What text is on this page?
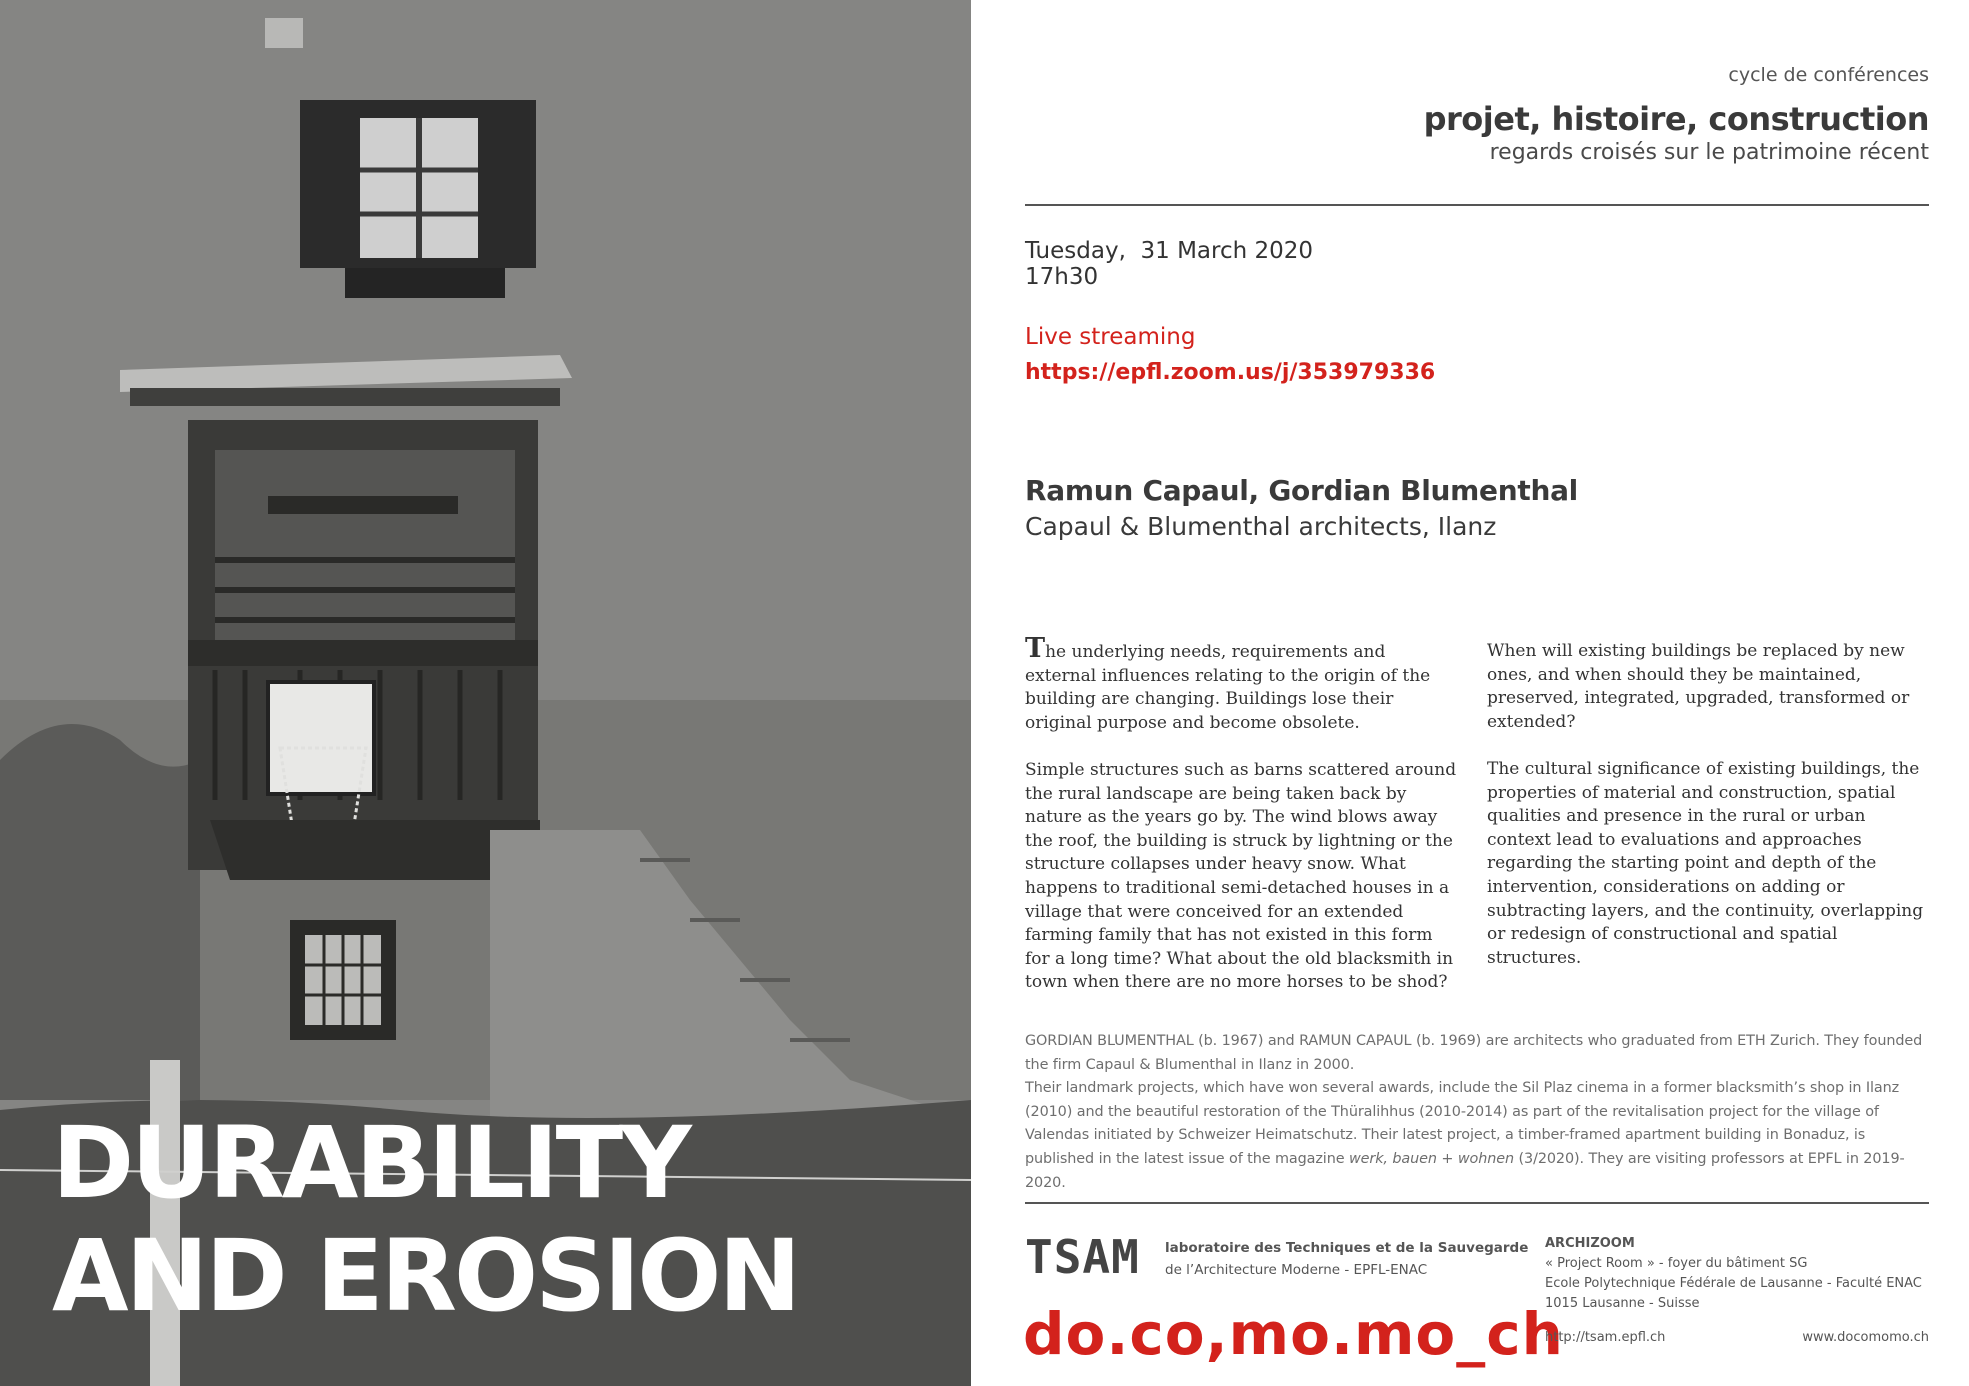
DURABILITY
AND EROSION
cycle de conférences
projet, histoire, construction
regards croisés sur le patrimoine récent
Tuesday,  31 March 2020
17h30
Live streaming
https://epfl.zoom.us/j/353979336
Ramun Capaul, Gordian Blumenthal
Capaul & Blumenthal architects, Ilanz

The underlying needs, requirements and external influences relating to the origin of the building are changing. Buildings lose their original purpose and become obsolete.

Simple structures such as barns scattered around the rural landscape are being taken back by nature as the years go by. The wind blows away the roof, the building is struck by lightning or the structure collapses under heavy snow. What happens to traditional semi-detached houses in a village that were conceived for an extended farming family that has not existed in this form for a long time? What about the old blacksmith in town when there are no more horses to be shod?

When will existing buildings be replaced by new ones, and when should they be maintained, preserved, integrated, upgraded, transformed or extended?

The cultural significance of existing buildings, the properties of material and construction, spatial qualities and presence in the rural or urban context lead to evaluations and approaches regarding the starting point and depth of the intervention, considerations on adding or subtracting layers, and the continuity, overlapping or redesign of constructional and spatial structures.

GORDIAN BLUMENTHAL (b. 1967) and RAMUN CAPAUL (b. 1969) are architects who graduated from ETH Zurich. They founded the firm Capaul & Blumenthal in Ilanz in 2000.

Their landmark projects, which have won several awards, include the Sil Plaz cinema in a former blacksmith’s shop in Ilanz (2010) and the beautiful restoration of the Thüralihhus (2010-2014) as part of the revitalisation project for the village of Valendas initiated by Schweizer Heimatschutz. Their latest project, a timber-framed apartment building in Bonaduz, is published in the latest issue of the magazine werk, bauen + wohnen (3/2020). They are visiting professors at EPFL in 2019-2020.

TSAM laboratoire des Techniques et de la Sauvegarde
de l’Architecture Moderne - EPFL-ENAC
do.co,mo.mo_ch
ARCHIZOOM
« Project Room » - foyer du bâtiment SG
Ecole Polytechnique Fédérale de Lausanne - Faculté ENAC
1015 Lausanne - Suisse
http://tsam.epfl.ch	www.docomomo.ch
